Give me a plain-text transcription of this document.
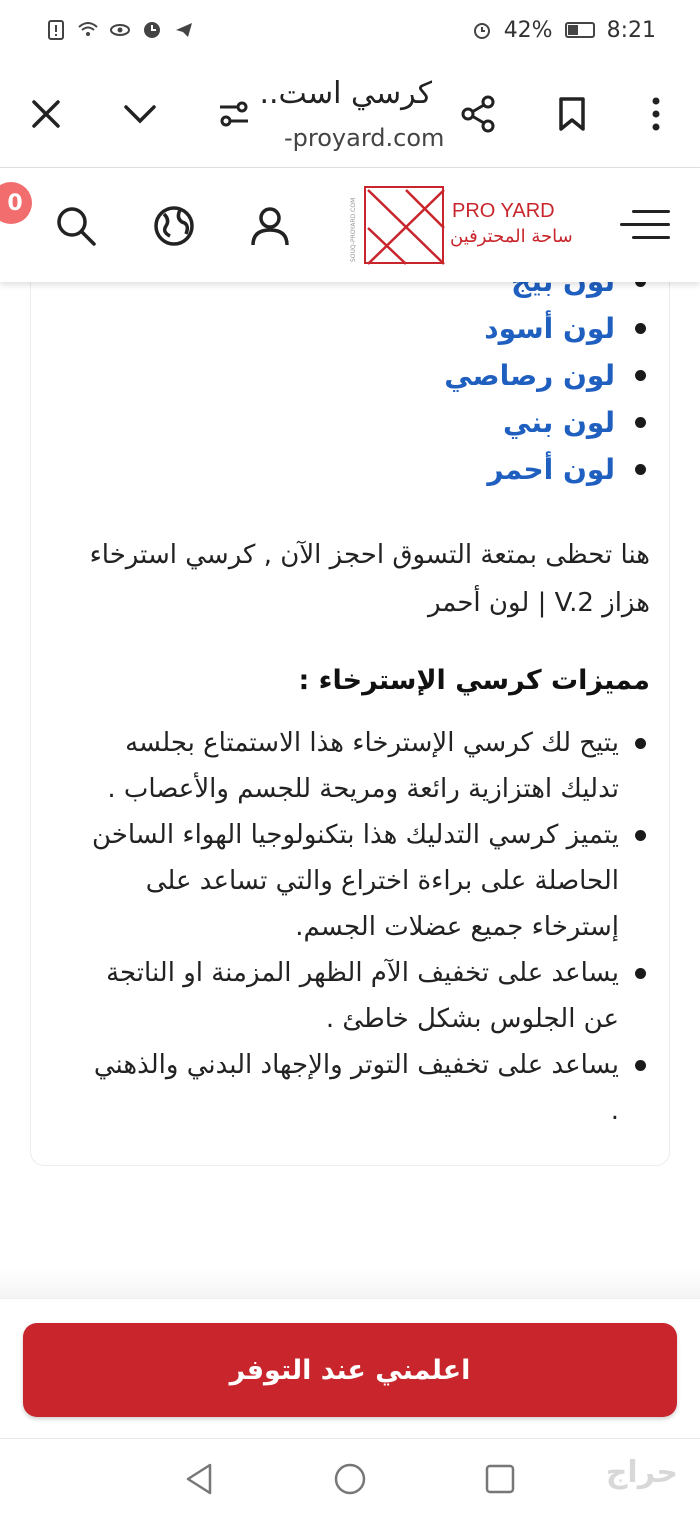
42% 8:21
كرسي است..
-proyard.com
0	SOUQ-PROYARD.COM	PRO YARD
ساحة المحترفين
لون أسود
لون رصاصي
لون بني
لون أحمر

هنا تحظى بمتعة التسوق احجز الآن , كرسي استرخاء هزاز V.2 | لون أحمر

مميزات كرسي الإسترخاء :
يتيح لك كرسي الإسترخاء هذا الاستمتاع بجلسه تدليك اهتزازية رائعة ومريحة للجسم والأعصاب .
يتميز كرسي التدليك هذا بتكنولوجيا الهواء الساخن الحاصلة على براءة اختراع والتي تساعد على إسترخاء جميع عضلات الجسم.
يساعد على تخفيف الآم الظهر المزمنة او الناتجة عن الجلوس بشكل خاطئ .
يساعد على تخفيف التوتر والإجهاد البدني والذهني .
اعلمني عند التوفر
حراج
